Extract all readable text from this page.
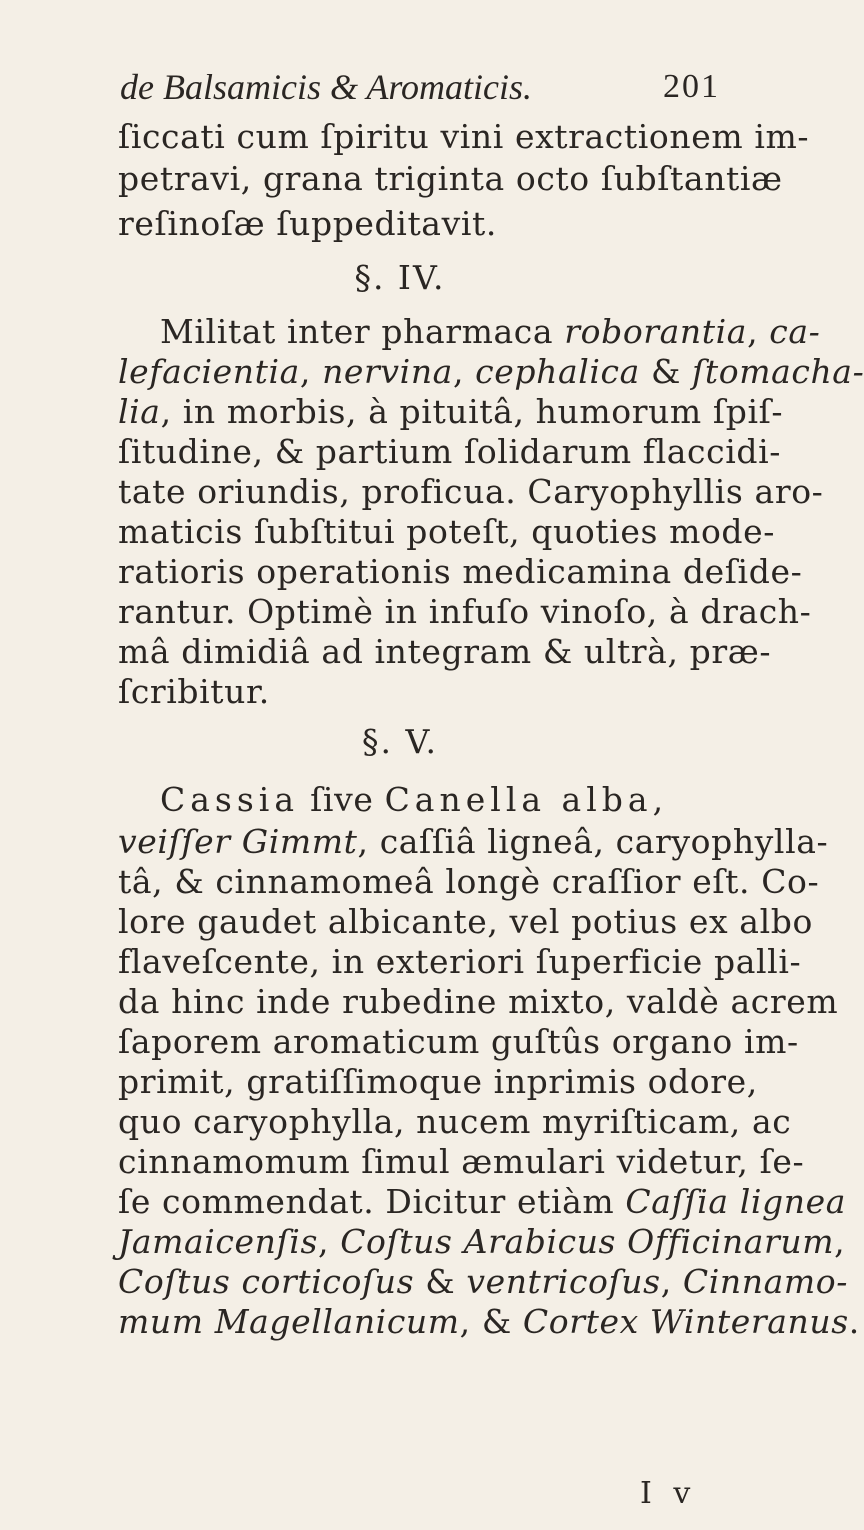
de Balsamicis & Aromaticis.	201
ſiccati cum ſpiritu vini extractionem im-
petravi, grana triginta octo ſubſtantiæ
reſinoſæ ſuppeditavit.
§. IV.
Militat inter pharmaca roborantia, ca-
lefacientia, nervina, cephalica & ſtomacha-
lia, in morbis, à pituitâ, humorum ſpiſ-
ſitudine, & partium ſolidarum flaccidi-
tate oriundis, proficua. Caryophyllis aro-
maticis ſubſtitui poteſt, quoties mode-
ratioris operationis medicamina deſide-
rantur. Optimè in infuſo vinoſo, à drach-
mâ dimidiâ ad integram & ultrà, præ-
ſcribitur.
§. V.
Cassia ſive Canella alba,
veiſſer Gimmt, caſſiâ ligneâ, caryophylla-
tâ, & cinnamomeâ longè craſſior eſt. Co-
lore gaudet albicante, vel potius ex albo
flaveſcente, in exteriori ſuperficie palli-
da hinc inde rubedine mixto, valdè acrem
ſaporem aromaticum guſtûs organo im-
primit, gratiſſimoque inprimis odore,
quo caryophylla, nucem myriſticam, ac
cinnamomum ſimul æmulari videtur, ſe-
ſe commendat. Dicitur etiàm Caſſia lignea
Jamaicenſis, Coſtus Arabicus Officinarum,
Coſtus corticoſus & ventricoſus, Cinnamo-
mum Magellanicum, & Cortex Winteranus.
I v
